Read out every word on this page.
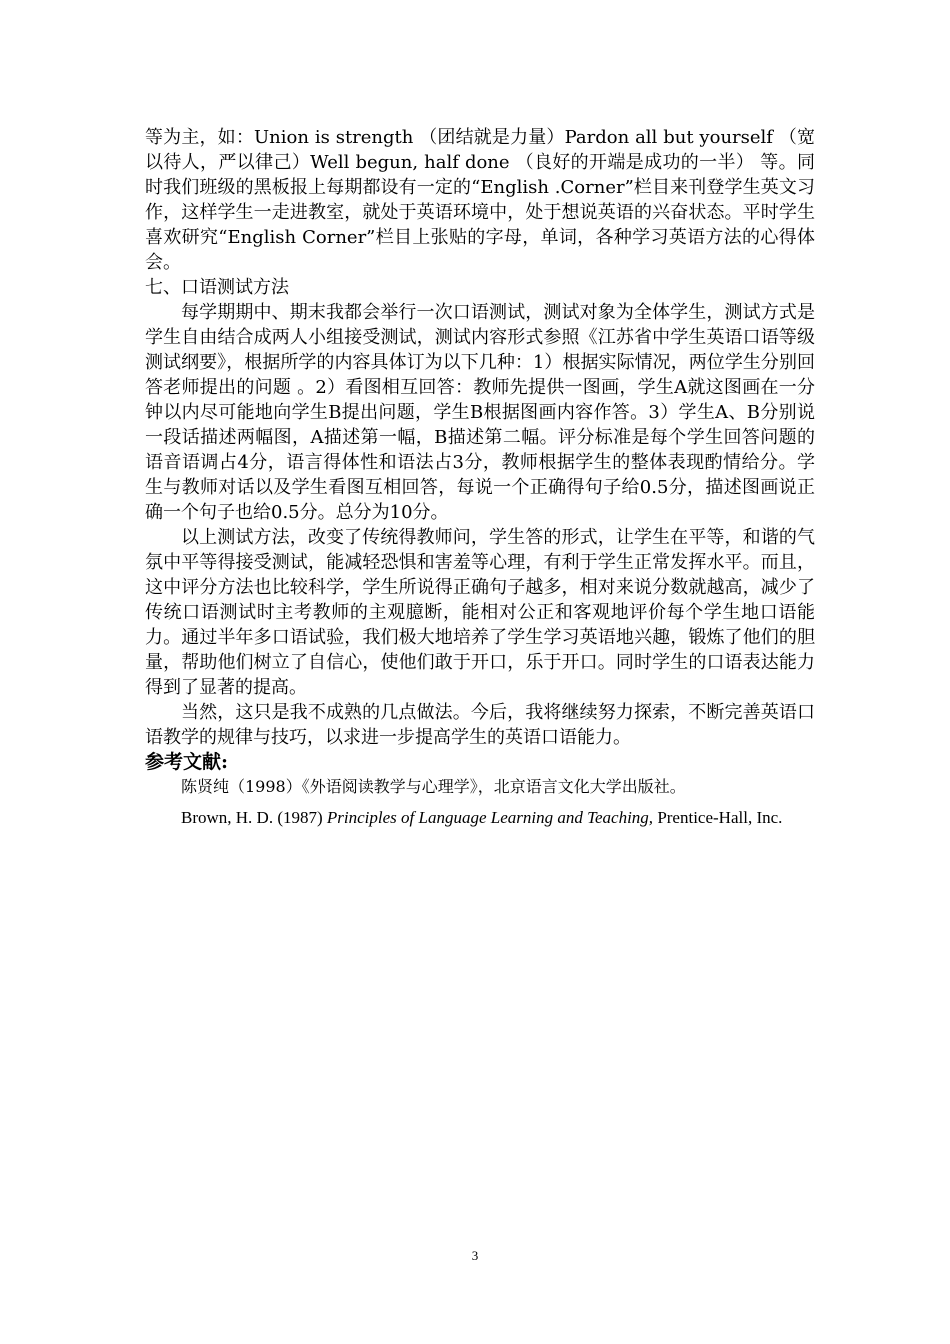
等为主，如：Union is strength （团结就是力量）Pardon all but yourself （宽以待人，严以律己）Well begun, half done （良好的开端是成功的一半） 等。同时我们班级的黑板报上每期都设有一定的“English .Corner”栏目来刊登学生英文习作，这样学生一走进教室，就处于英语环境中，处于想说英语的兴奋状态。平时学生喜欢研究“English Corner”栏目上张贴的字母，单词，各种学习英语方法的心得体会。

七、口语测试方法

每学期期中、期末我都会举行一次口语测试，测试对象为全体学生，测试方式是学生自由结合成两人小组接受测试，测试内容形式参照《江苏省中学生英语口语等级测试纲要》，根据所学的内容具体订为以下几种：1）根据实际情况，两位学生分别回答老师提出的问题 。2）看图相互回答：教师先提供一图画，学生A就这图画在一分钟以内尽可能地向学生B提出问题，学生B根据图画内容作答。3）学生A、B分别说一段话描述两幅图，A描述第一幅，B描述第二幅。评分标准是每个学生回答问题的语音语调占4分，语言得体性和语法占3分，教师根据学生的整体表现酌情给分。学生与教师对话以及学生看图互相回答，每说一个正确得句子给0.5分，描述图画说正确一个句子也给0.5分。总分为10分。

以上测试方法，改变了传统得教师问，学生答的形式，让学生在平等，和谐的气氛中平等得接受测试，能减轻恐惧和害羞等心理，有利于学生正常发挥水平。而且，这中评分方法也比较科学，学生所说得正确句子越多，相对来说分数就越高，减少了传统口语测试时主考教师的主观臆断，能相对公正和客观地评价每个学生地口语能力。通过半年多口语试验，我们极大地培养了学生学习英语地兴趣，锻炼了他们的胆量，帮助他们树立了自信心，使他们敢于开口，乐于开口。同时学生的口语表达能力得到了显著的提高。

当然，这只是我不成熟的几点做法。今后，我将继续努力探索，不断完善英语口语教学的规律与技巧，以求进一步提高学生的英语口语能力。

参考文献:

陈贤纯（1998）《外语阅读教学与心理学》，北京语言文化大学出版社。

Brown, H. D. (1987) Principles of Language Learning and Teaching, Prentice-Hall, Inc.

3
